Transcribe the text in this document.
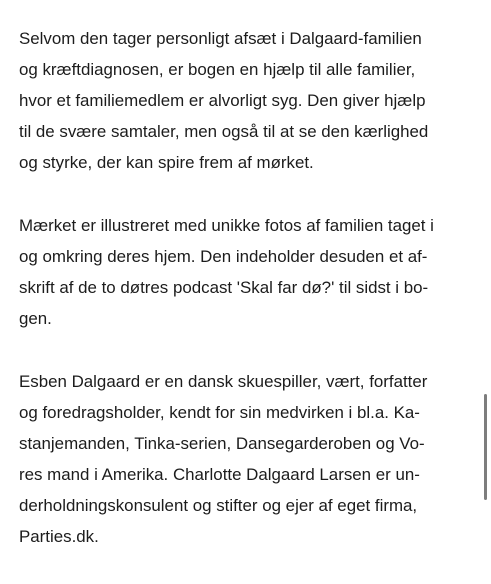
Selvom den tager personligt afsæt i Dalgaard-familien
og kræftdiagnosen, er bogen en hjælp til alle familier,
hvor et familiemedlem er alvorligt syg. Den giver hjælp
til de svære samtaler, men også til at se den kærlighed
og styrke, der kan spire frem af mørket.

Mærket er illustreret med unikke fotos af familien taget i
og omkring deres hjem. Den indeholder desuden et af-
skrift af de to døtres podcast 'Skal far dø?' til sidst i bo-
gen.

Esben Dalgaard er en dansk skuespiller, vært, forfatter
og foredragsholder, kendt for sin medvirken i bl.a. Ka-
stanjemanden, Tinka-serien, Dansegarderoben og Vo-
res mand i Amerika. Charlotte Dalgaard Larsen er un-
derholdningskonsulent og stifter og ejer af eget firma,
Parties.dk.
